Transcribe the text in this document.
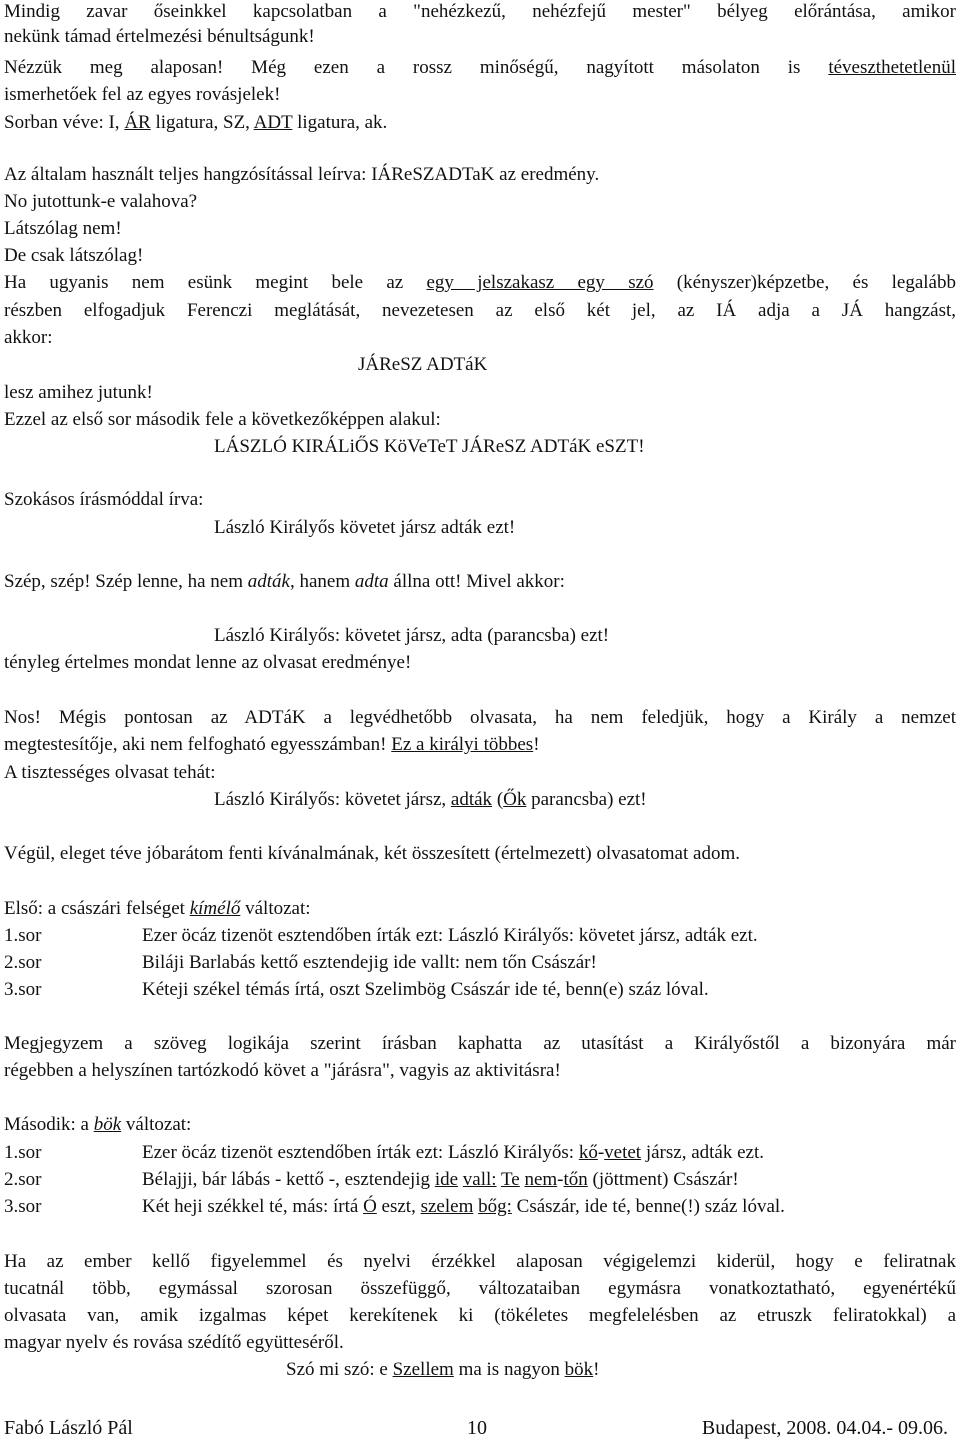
Mindig zavar őseinkkel kapcsolatban a "nehézkezű, nehézfejű mester" bélyeg előrántása, amikor
nekünk támad értelmezési bénultságunk!
Nézzük meg alaposan! Még ezen a rossz minőségű, nagyított másolaton is téveszthetetlenül
ismerhetőek fel az egyes rovásjelek!
Sorban véve: I, ÁR ligatura, SZ, ADT ligatura, ak.
Az általam használt teljes hangzósítással leírva: IÁReSZADTaK az eredmény.
No jutottunk-e valahova?
Látszólag nem!
De csak látszólag!
Ha ugyanis nem esünk megint bele az egy jelszakasz egy szó (kényszer)képzetbe, és legalább
részben elfogadjuk Ferenczi meglátását, nevezetesen az első két jel, az IÁ adja a JÁ hangzást,
akkor:
JÁReSZ ADTáK
lesz amihez jutunk!
Ezzel az első sor második fele a következőképpen alakul:
LÁSZLÓ KIRÁLiŐS KöVeTeT JÁReSZ ADTáK eSZT!
Szokásos írásmóddal írva:
László Királyős követet jársz adták ezt!
Szép, szép! Szép lenne, ha nem adták, hanem adta állna ott! Mivel akkor:
László Királyős: követet jársz, adta (parancsba) ezt!
tényleg értelmes mondat lenne az olvasat eredménye!
Nos! Mégis pontosan az ADTáK a legvédhetőbb olvasata, ha nem feledjük, hogy a Király a nemzet
megtestesítője, aki nem felfogható egyesszámban! Ez a királyi többes!
A tisztességes olvasat tehát:
László Királyős: követet jársz, adták (Ők parancsba) ezt!
Végül, eleget téve jóbarátom fenti kívánalmának, két összesített (értelmezett) olvasatomat adom.
Első: a császári felséget kímélő változat:
1.sor	Ezer öcáz tizenöt esztendőben írták ezt: László Királyős: követet jársz, adták ezt.
2.sor	Biláji Barlabás kettő esztendejig ide vallt: nem tőn Császár!
3.sor	Kéteji székel témás írtá, oszt Szelimbög Császár ide té, benn(e) száz lóval.
Megjegyzem a szöveg logikája szerint írásban kaphatta az utasítást a Királyőstől a bizonyára már
régebben a helyszínen tartózkodó követ a "járásra", vagyis az aktivitásra!
Második: a bök változat:
1.sor	Ezer öcáz tizenöt esztendőben írták ezt: László Királyős: kő-vetet jársz, adták ezt.
2.sor	Bélajji, bár lábás - kettő -, esztendejig ide vall: Te nem-tőn (jöttment) Császár!
3.sor	Két heji székkel té, más: írtá Ó eszt, szelem bőg: Császár, ide té, benne(!) száz lóval.
Ha az ember kellő figyelemmel és nyelvi érzékkel alaposan végigelemzi kiderül, hogy e feliratnak
tucatnál több, egymással szorosan összefüggő, változataiban egymásra vonatkoztatható, egyenértékű
olvasata van, amik izgalmas képet kerekítenek ki (tökéletes megfelelésben az etruszk feliratokkal) a
magyar nyelv és rovása szédítő együtteséről.
Szó mi szó: e Szellem ma is nagyon bök!
Fabó László Pál	10	Budapest, 2008. 04.04.- 09.06.
